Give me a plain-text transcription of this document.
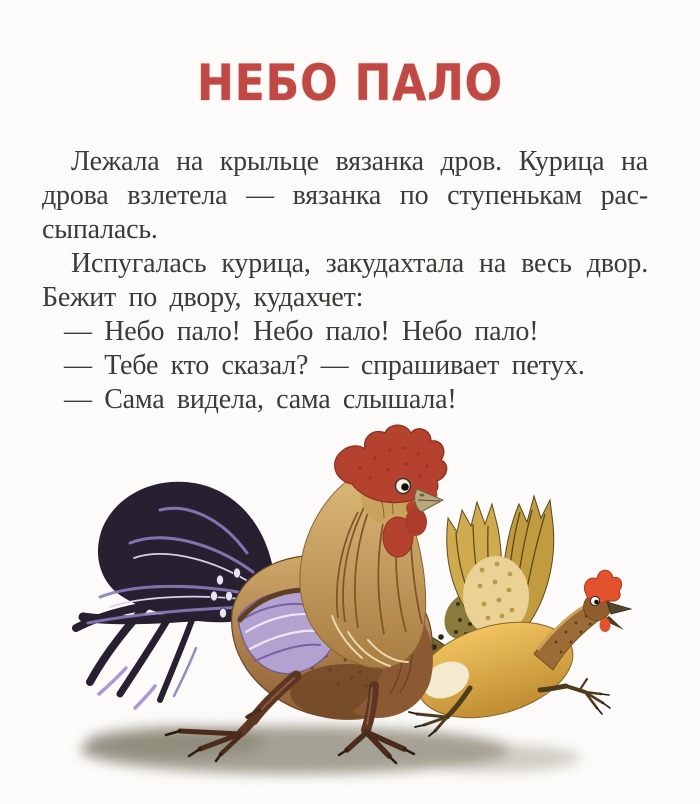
НЕБО ПАЛО
Лежала на крыльце вязанка дров. Курица на
дрова взлетела — вязанка по ступенькам рас-
сыпалась.
Испугалась курица, закудахтала на весь двор.
Бежит по двору, кудахчет:
— Небо пало! Небо пало! Небо пало!
— Тебе кто сказал? — спрашивает петух.
— Сама видела, сама слышала!
